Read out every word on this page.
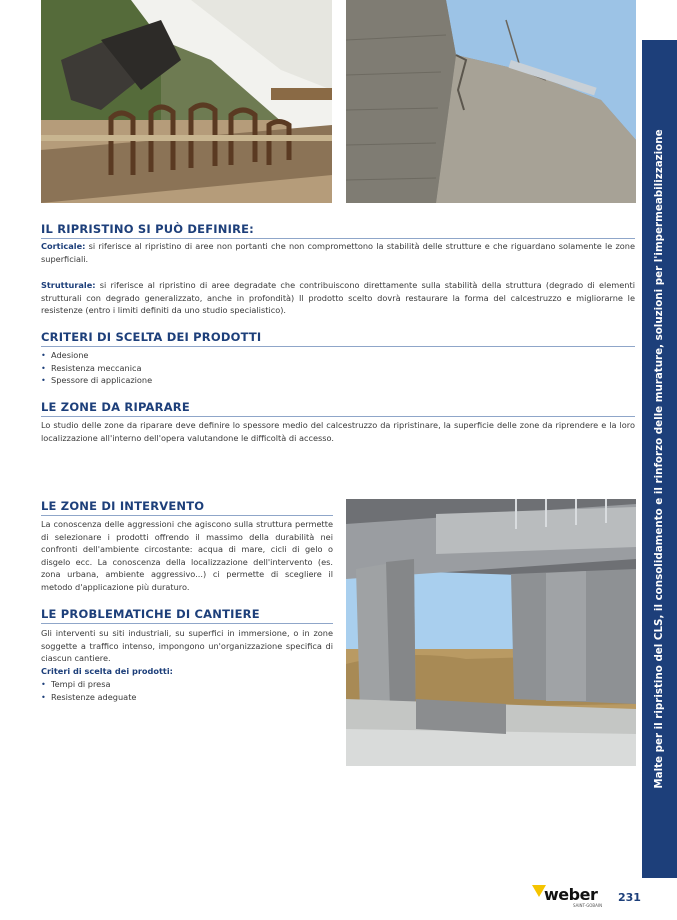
IL RIPRISTINO SI PUÒ DEFINIRE:
Corticale: si riferisce al ripristino di aree non portanti che non compromettono la stabilità delle strutture e che riguardano solamente le zone superficiali.
Strutturale: si riferisce al ripristino di aree degradate che contribuiscono direttamente sulla stabilità della struttura (degrado di elementi strutturali con degrado generalizzato, anche in profondità) Il prodotto scelto dovrà restaurare la forma del calcestruzzo e migliorarne le resistenze (entro i limiti definiti da uno studio specialistico).
CRITERI DI SCELTA DEI PRODOTTI
• Adesione
• Resistenza meccanica
• Spessore di applicazione
LE ZONE DA RIPARARE
Lo studio delle zone da riparare deve definire lo spessore medio del calcestruzzo da ripristinare, la superficie delle zone da riprendere e la loro localizzazione all'interno dell'opera valutandone le difficoltà di accesso.
LE ZONE DI INTERVENTO
La conoscenza delle aggressioni che agiscono sulla struttura permette di selezionare i prodotti offrendo il massimo della durabilità nei confronti dell'ambiente circostante: acqua di mare, cicli di gelo o disgelo ecc. La conoscenza della localizzazione dell'intervento (es. zona urbana, ambiente aggressivo...) ci permette di scegliere il metodo d'applicazione più duraturo.
LE PROBLEMATICHE DI CANTIERE
Gli interventi su siti industriali, su superfici in immersione, o in zone soggette a traffico intenso, impongono un'organizzazione specifica di ciascun cantiere.
Criteri di scelta dei prodotti:
• Tempi di presa
• Resistenze adeguate	Malte per il ripristino del CLS, il consolidamento e il rinforzo delle murature, soluzioni per l'impermeabilizzazione
weber
SAINT-GOBAIN
231
